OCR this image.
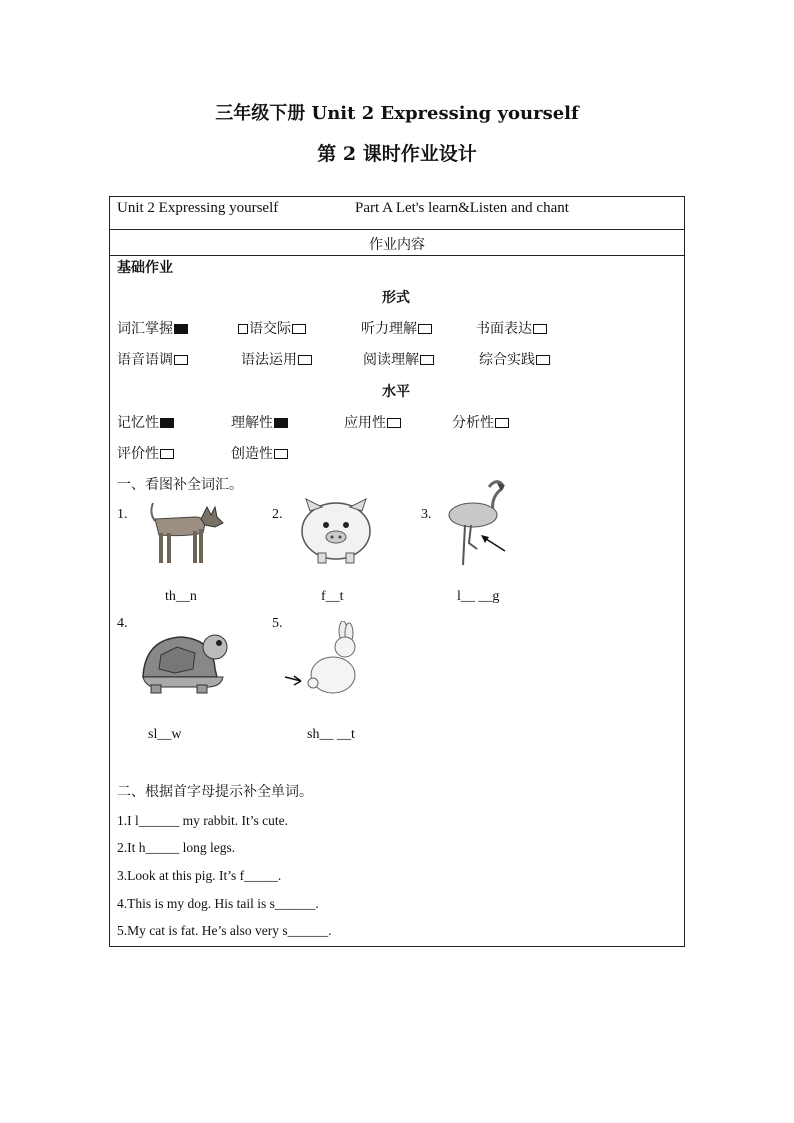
三年级下册 Unit 2 Expressing yourself
第 2 课时作业设计
Unit 2 Expressing yourself	Part A Let's learn&Listen and chant
作业内容
基础作业
形式
词汇掌握	语交际	听力理解	书面表达
语音语调	语法运用	阅读理解	综合实践
水平
记忆性	理解性	应用性	分析性
评价性	创造性
一、看图补全词汇。
1.	2.	3.
4.	5.
th__n	f__t	l__ __g
sl__w	sh__ __t
二、根据首字母提示补全单词。
1.I l______ my rabbit. It’s cute.
2.It h_____ long legs.
3.Look at this pig. It’s f_____.
4.This is my dog. His tail is s______.
5.My cat is fat. He’s also very s______.
